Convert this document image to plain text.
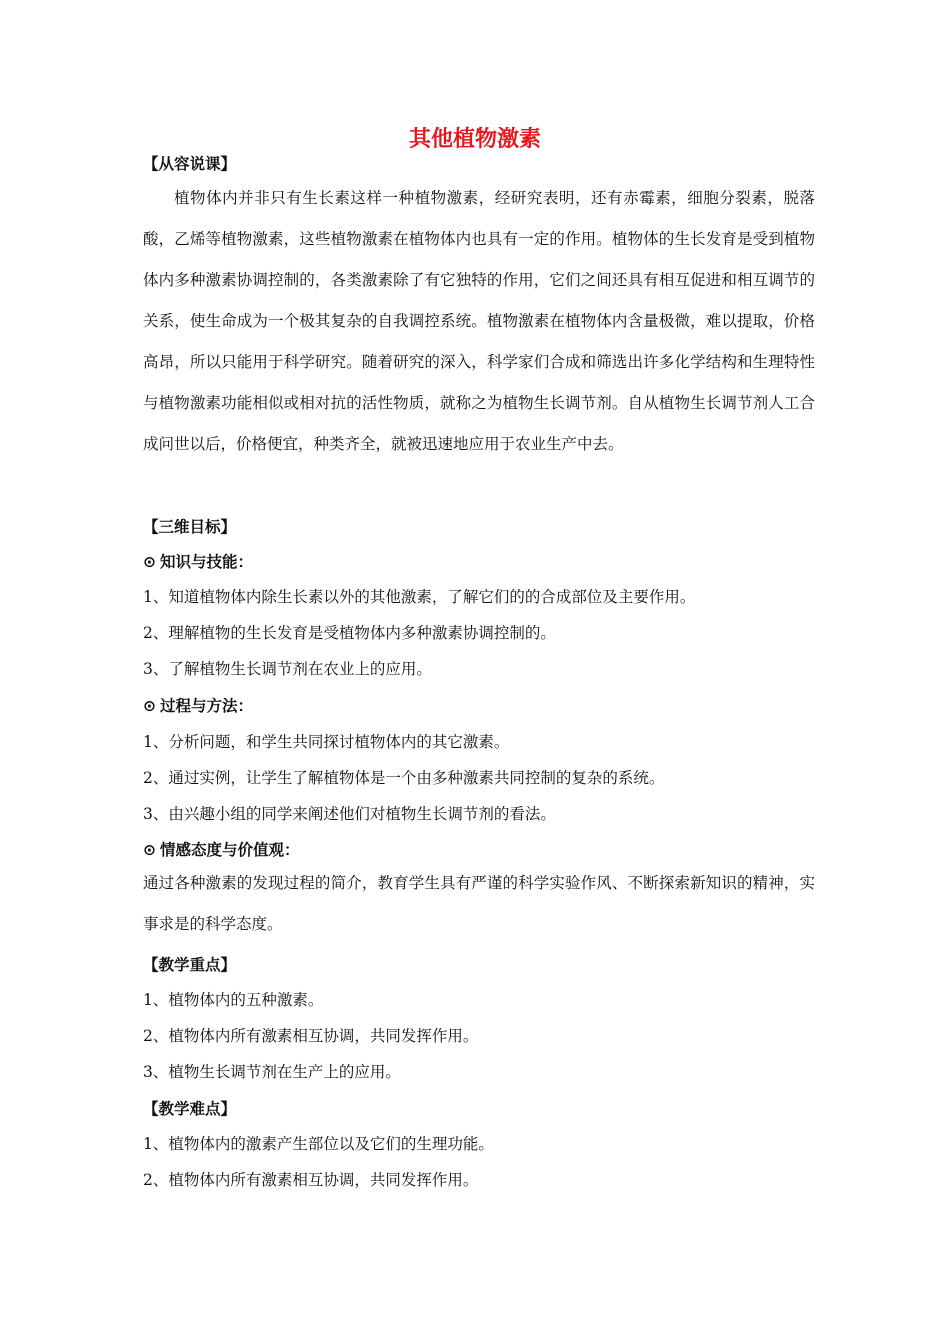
其他植物激素
【从容说课】
植物体内并非只有生长素这样一种植物激素，经研究表明，还有赤霉素，细胞分裂素，脱落酸，乙烯等植物激素，这些植物激素在植物体内也具有一定的作用。植物体的生长发育是受到植物体内多种激素协调控制的，各类激素除了有它独特的作用，它们之间还具有相互促进和相互调节的关系，使生命成为一个极其复杂的自我调控系统。植物激素在植物体内含量极微，难以提取，价格高昂，所以只能用于科学研究。随着研究的深入，科学家们合成和筛选出许多化学结构和生理特性与植物激素功能相似或相对抗的活性物质，就称之为植物生长调节剂。自从植物生长调节剂人工合成问世以后，价格便宜，种类齐全，就被迅速地应用于农业生产中去。
【三维目标】
⊙ 知识与技能：
1、知道植物体内除生长素以外的其他激素，了解它们的的合成部位及主要作用。
2、理解植物的生长发育是受植物体内多种激素协调控制的。
3、了解植物生长调节剂在农业上的应用。
⊙ 过程与方法：
1、分析问题，和学生共同探讨植物体内的其它激素。
2、通过实例，让学生了解植物体是一个由多种激素共同控制的复杂的系统。
3、由兴趣小组的同学来阐述他们对植物生长调节剂的看法。
⊙ 情感态度与价值观：
通过各种激素的发现过程的简介，教育学生具有严谨的科学实验作风、不断探索新知识的精神，实事求是的科学态度。
【教学重点】
1、植物体内的五种激素。
2、植物体内所有激素相互协调，共同发挥作用。
3、植物生长调节剂在生产上的应用。
【教学难点】
1、植物体内的激素产生部位以及它们的生理功能。
2、植物体内所有激素相互协调，共同发挥作用。
